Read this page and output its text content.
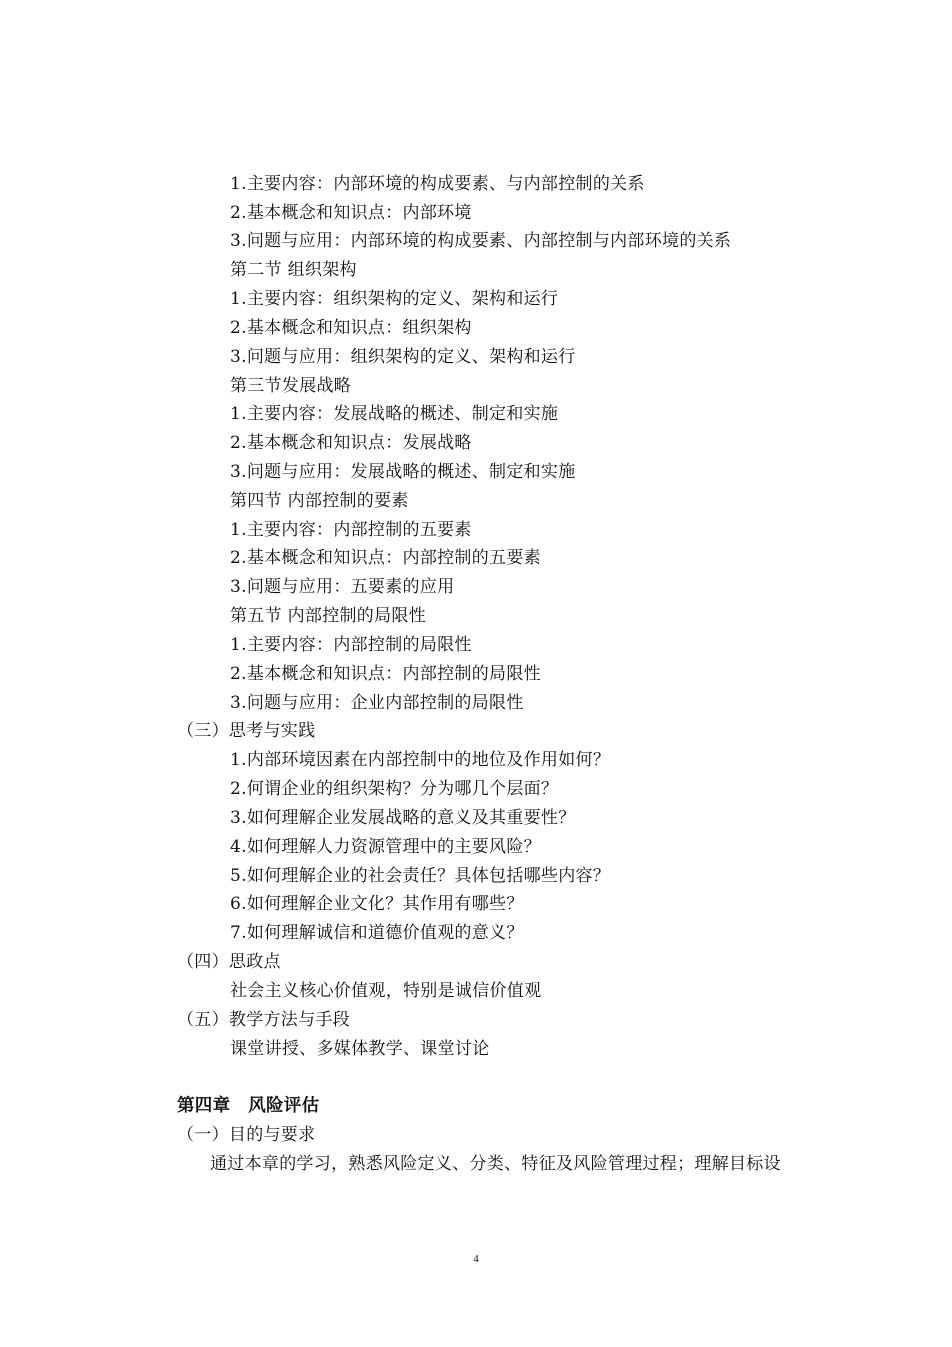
1.主要内容：内部环境的构成要素、与内部控制的关系
2.基本概念和知识点：内部环境
3.问题与应用：内部环境的构成要素、内部控制与内部环境的关系
第二节 组织架构
1.主要内容：组织架构的定义、架构和运行
2.基本概念和知识点：组织架构
3.问题与应用：组织架构的定义、架构和运行
第三节发展战略
1.主要内容：发展战略的概述、制定和实施
2.基本概念和知识点：发展战略
3.问题与应用：发展战略的概述、制定和实施
第四节 内部控制的要素
1.主要内容：内部控制的五要素
2.基本概念和知识点：内部控制的五要素
3.问题与应用：五要素的应用
第五节 内部控制的局限性
1.主要内容：内部控制的局限性
2.基本概念和知识点：内部控制的局限性
3.问题与应用：企业内部控制的局限性
（三）思考与实践
1.内部环境因素在内部控制中的地位及作用如何？
2.何谓企业的组织架构？分为哪几个层面？
3.如何理解企业发展战略的意义及其重要性？
4.如何理解人力资源管理中的主要风险？
5.如何理解企业的社会责任？具体包括哪些内容？
6.如何理解企业文化？其作用有哪些？
7.如何理解诚信和道德价值观的意义？
（四）思政点
社会主义核心价值观，特别是诚信价值观
（五）教学方法与手段
课堂讲授、多媒体教学、课堂讨论
第四章　风险评估
（一）目的与要求
通过本章的学习，熟悉风险定义、分类、特征及风险管理过程；理解目标设
4
